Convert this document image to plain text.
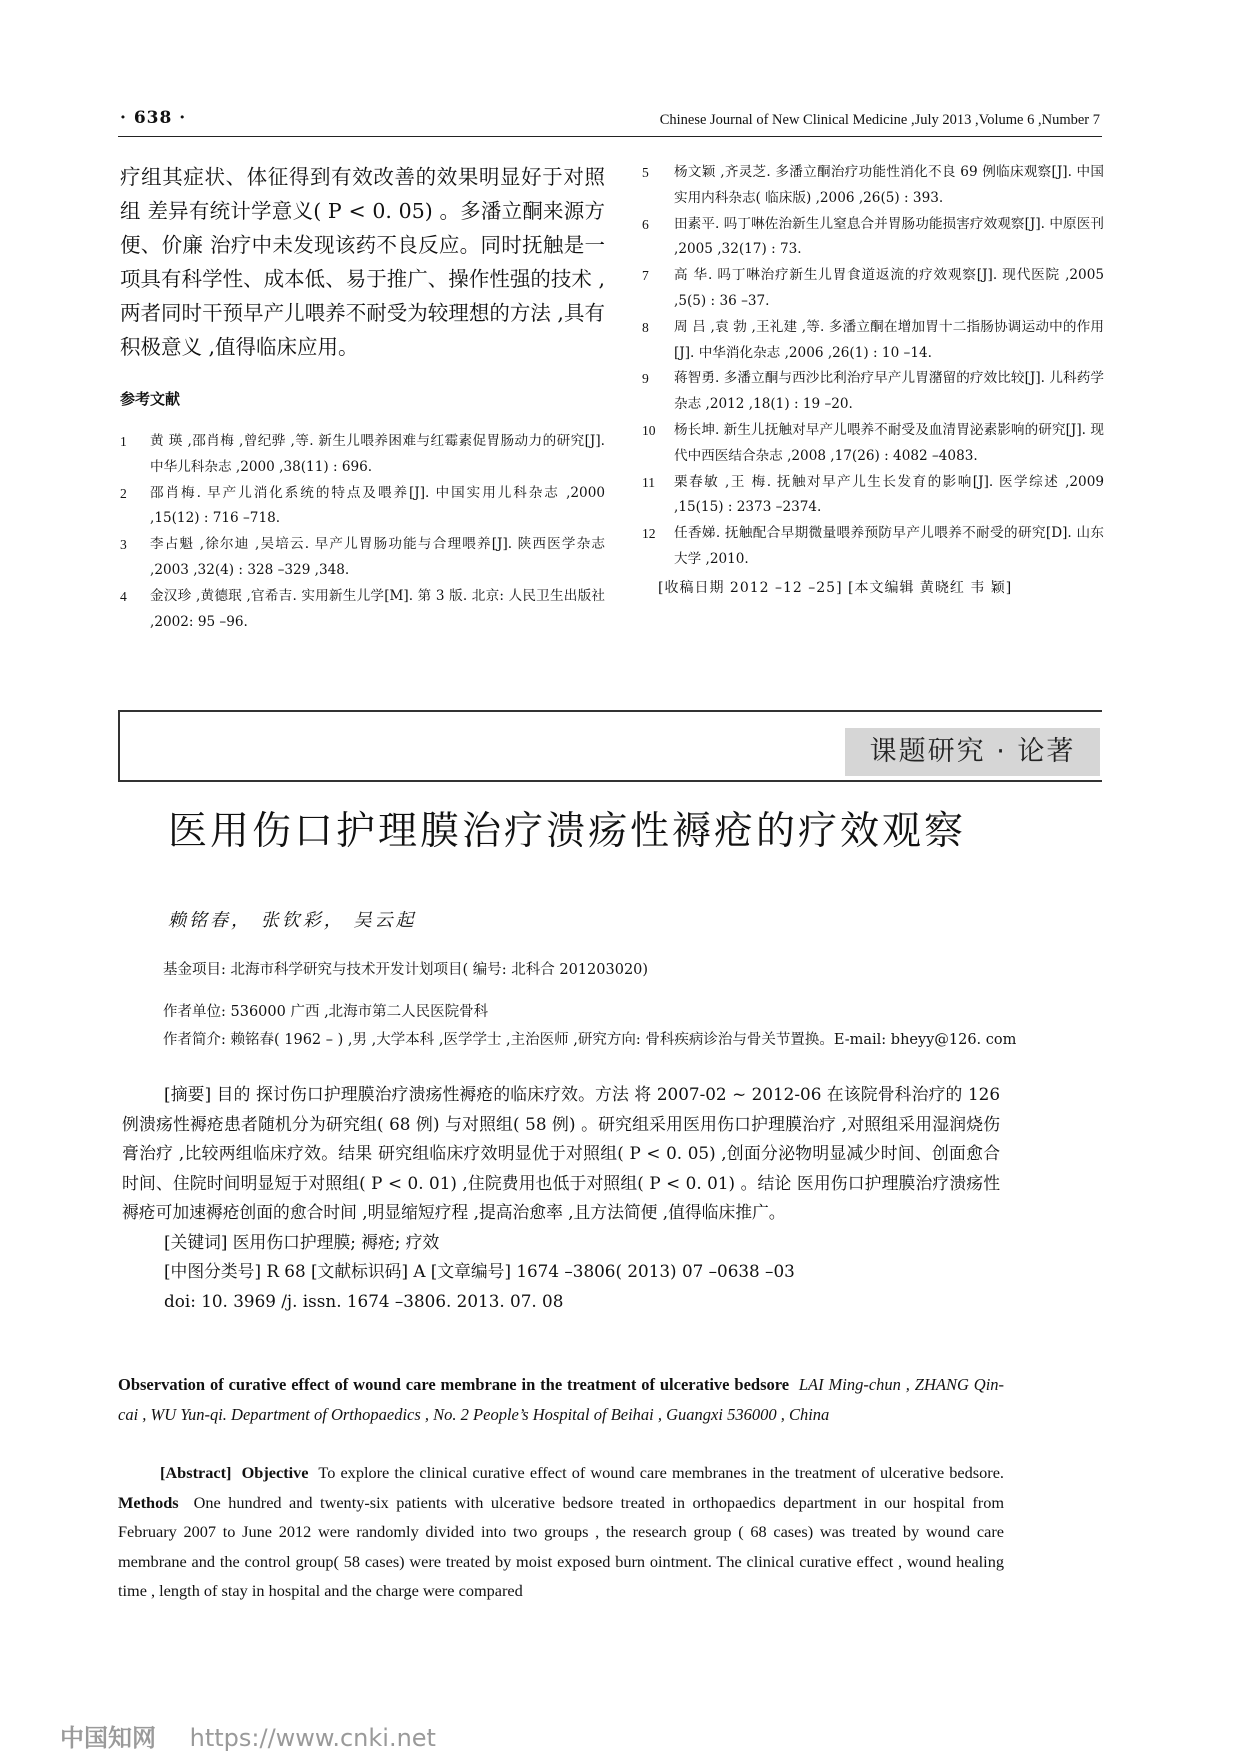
· 638 ·	Chinese Journal of New Clinical Medicine ,July 2013 ,Volume 6 ,Number 7

疗组其症状、体征得到有效改善的效果明显好于对照组 差异有统计学意义( P < 0. 05) 。多潘立酮来源方便、价廉 治疗中未发现该药不良反应。同时抚触是一项具有科学性、成本低、易于推广、操作性强的技术 ,两者同时干预早产儿喂养不耐受为较理想的方法 ,具有积极意义 ,值得临床应用。

参考文献
1	黄 瑛 ,邵肖梅 ,曾纪骅 ,等. 新生儿喂养困难与红霉素促胃肠动力的研究[J]. 中华儿科杂志 ,2000 ,38(11) : 696.
2	邵肖梅. 早产儿消化系统的特点及喂养[J]. 中国实用儿科杂志 ,2000 ,15(12) : 716 –718.
3	李占魁 ,徐尔迪 ,吴培云. 早产儿胃肠功能与合理喂养[J]. 陕西医学杂志 ,2003 ,32(4) : 328 –329 ,348.
4	金汉珍 ,黄德珉 ,官希吉. 实用新生儿学[M]. 第 3 版. 北京: 人民卫生出版社 ,2002: 95 –96.
5	杨文颖 ,齐灵芝. 多潘立酮治疗功能性消化不良 69 例临床观察[J]. 中国实用内科杂志( 临床版) ,2006 ,26(5) : 393.
6	田素平. 吗丁啉佐治新生儿窒息合并胃肠功能损害疗效观察[J]. 中原医刊 ,2005 ,32(17) : 73.
7	高 华. 吗丁啉治疗新生儿胃食道返流的疗效观察[J]. 现代医院 ,2005 ,5(5) : 36 –37.
8	周 吕 ,袁 勃 ,王礼建 ,等. 多潘立酮在增加胃十二指肠协调运动中的作用[J]. 中华消化杂志 ,2006 ,26(1) : 10 –14.
9	蒋智勇. 多潘立酮与西沙比利治疗早产儿胃潴留的疗效比较[J]. 儿科药学杂志 ,2012 ,18(1) : 19 –20.
10	杨长坤. 新生儿抚触对早产儿喂养不耐受及血清胃泌素影响的研究[J]. 现代中西医结合杂志 ,2008 ,17(26) : 4082 –4083.
11	栗春敏 ,王 梅. 抚触对早产儿生长发育的影响[J]. 医学综述 ,2009 ,15(15) : 2373 –2374.
12	任香娣. 抚触配合早期微量喂养预防早产儿喂养不耐受的研究[D]. 山东大学 ,2010.
[收稿日期 2012 –12 –25] [本文编辑 黄晓红 韦 颖]
课题研究 · 论著
医用伤口护理膜治疗溃疡性褥疮的疗效观察
赖铭春， 张钦彩， 吴云起
基金项目: 北海市科学研究与技术开发计划项目( 编号: 北科合 201203020)
作者单位: 536000 广西 ,北海市第二人民医院骨科
作者简介: 赖铭春( 1962 – ) ,男 ,大学本科 ,医学学士 ,主治医师 ,研究方向: 骨科疾病诊治与骨关节置换。E-mail: bheyy@126. com

[摘要] 目的 探讨伤口护理膜治疗溃疡性褥疮的临床疗效。方法 将 2007-02 ~ 2012-06 在该院骨科治疗的 126 例溃疡性褥疮患者随机分为研究组( 68 例) 与对照组( 58 例) 。研究组采用医用伤口护理膜治疗 ,对照组采用湿润烧伤膏治疗 ,比较两组临床疗效。结果 研究组临床疗效明显优于对照组( P < 0. 05) ,创面分泌物明显减少时间、创面愈合时间、住院时间明显短于对照组( P < 0. 01) ,住院费用也低于对照组( P < 0. 01) 。结论 医用伤口护理膜治疗溃疡性褥疮可加速褥疮创面的愈合时间 ,明显缩短疗程 ,提高治愈率 ,且方法简便 ,值得临床推广。

[关键词] 医用伤口护理膜; 褥疮; 疗效

[中图分类号] R 68 [文献标识码] A [文章编号] 1674 –3806( 2013) 07 –0638 –03

doi: 10. 3969 /j. issn. 1674 –3806. 2013. 07. 08

Observation of curative effect of wound care membrane in the treatment of ulcerative bedsore LAI Ming-chun , ZHANG Qin-cai , WU Yun-qi. Department of Orthopaedics , No. 2 People’s Hospital of Beihai , Guangxi 536000 , China
[Abstract] Objective To explore the clinical curative effect of wound care membranes in the treatment of ulcerative bedsore. Methods One hundred and twenty-six patients with ulcerative bedsore treated in orthopaedics department in our hospital from February 2007 to June 2012 were randomly divided into two groups , the research group ( 68 cases) was treated by wound care membrane and the control group( 58 cases) were treated by moist exposed burn ointment. The clinical curative effect , wound healing time , length of stay in hospital and the charge were compared
中国知网 https://www.cnki.net
